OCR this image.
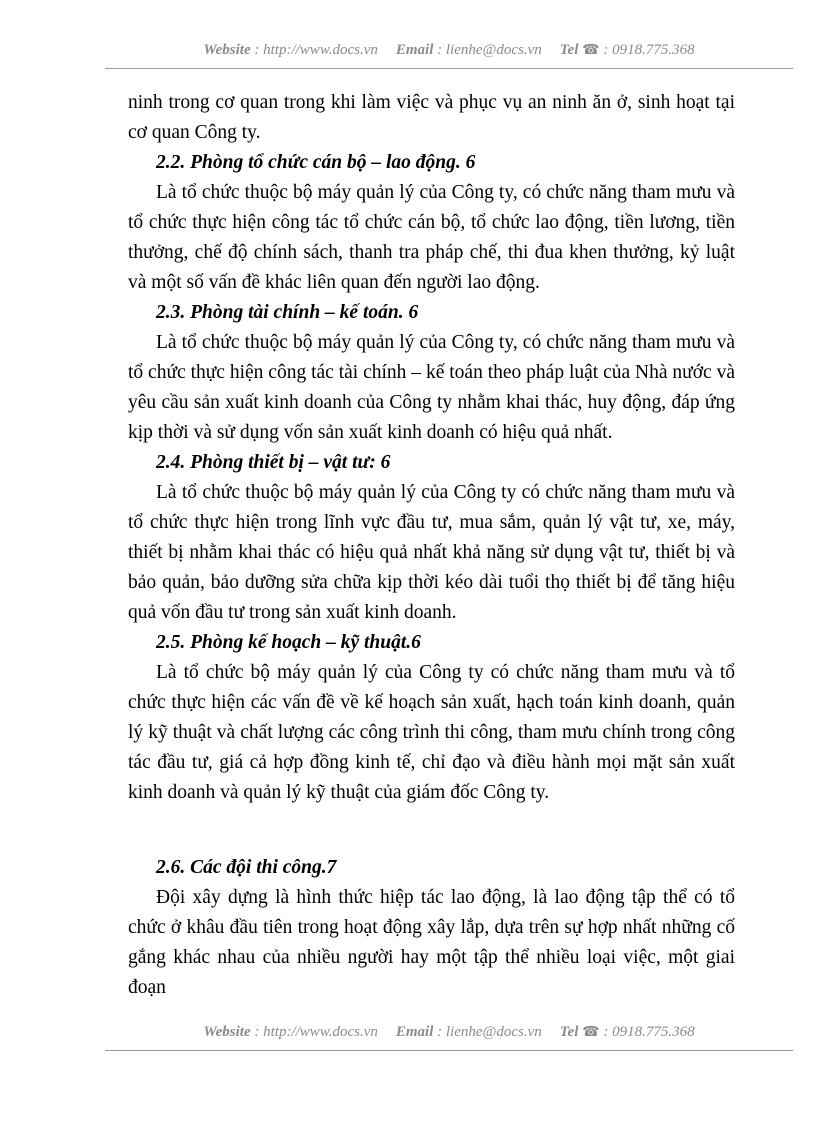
Website : http://www.docs.vn Email : lienhe@docs.vn Tel ☎ : 0918.775.368

ninh trong cơ quan trong khi làm việc và phục vụ an ninh ăn ở, sinh hoạt tại cơ quan Công ty.

2.2. Phòng tổ chức cán bộ – lao động. 6

Là tổ chức thuộc bộ máy quản lý của Công ty, có chức năng tham mưu và tổ chức thực hiện công tác tổ chức cán bộ, tổ chức lao động, tiền lương, tiền thưởng, chế độ chính sách, thanh tra pháp chế, thi đua khen thưởng, kỷ luật và một số vấn đề khác liên quan đến người lao động.

2.3. Phòng tài chính – kế toán. 6

Là tổ chức thuộc bộ máy quản lý của Công ty, có chức năng tham mưu và tổ chức thực hiện công tác tài chính – kế toán theo pháp luật của Nhà nước và yêu cầu sản xuất kinh doanh của Công ty nhằm khai thác, huy động, đáp ứng kịp thời và sử dụng vốn sản xuất kinh doanh có hiệu quả nhất.

2.4. Phòng thiết bị – vật tư: 6

Là tổ chức thuộc bộ máy quản lý của Công ty có chức năng tham mưu và tổ chức thực hiện trong lĩnh vực đầu tư, mua sắm, quản lý vật tư, xe, máy, thiết bị nhằm khai thác có hiệu quả nhất khả năng sử dụng vật tư, thiết bị và bảo quản, bảo dưỡng sửa chữa kịp thời kéo dài tuổi thọ thiết bị để tăng hiệu quả vốn đầu tư trong sản xuất kinh doanh.

2.5. Phòng kế hoạch – kỹ thuật.6

Là tổ chức bộ máy quản lý của Công ty có chức năng tham mưu và tổ chức thực hiện các vấn đề về kế hoạch sản xuất, hạch toán kinh doanh, quản lý kỹ thuật và chất lượng các công trình thi công, tham mưu chính trong công tác đầu tư, giá cả hợp đồng kinh tế, chỉ đạo và điều hành mọi mặt sản xuất kinh doanh và quản lý kỹ thuật của giám đốc Công ty.

2.6. Các đội thi công.7

Đội xây dựng là hình thức hiệp tác lao động, là lao động tập thể có tổ chức ở khâu đầu tiên trong hoạt động xây lắp, dựa trên sự hợp nhất những cố gắng khác nhau của nhiều người hay một tập thể nhiều loại việc, một giai đoạn

Website : http://www.docs.vn Email : lienhe@docs.vn Tel ☎ : 0918.775.368
